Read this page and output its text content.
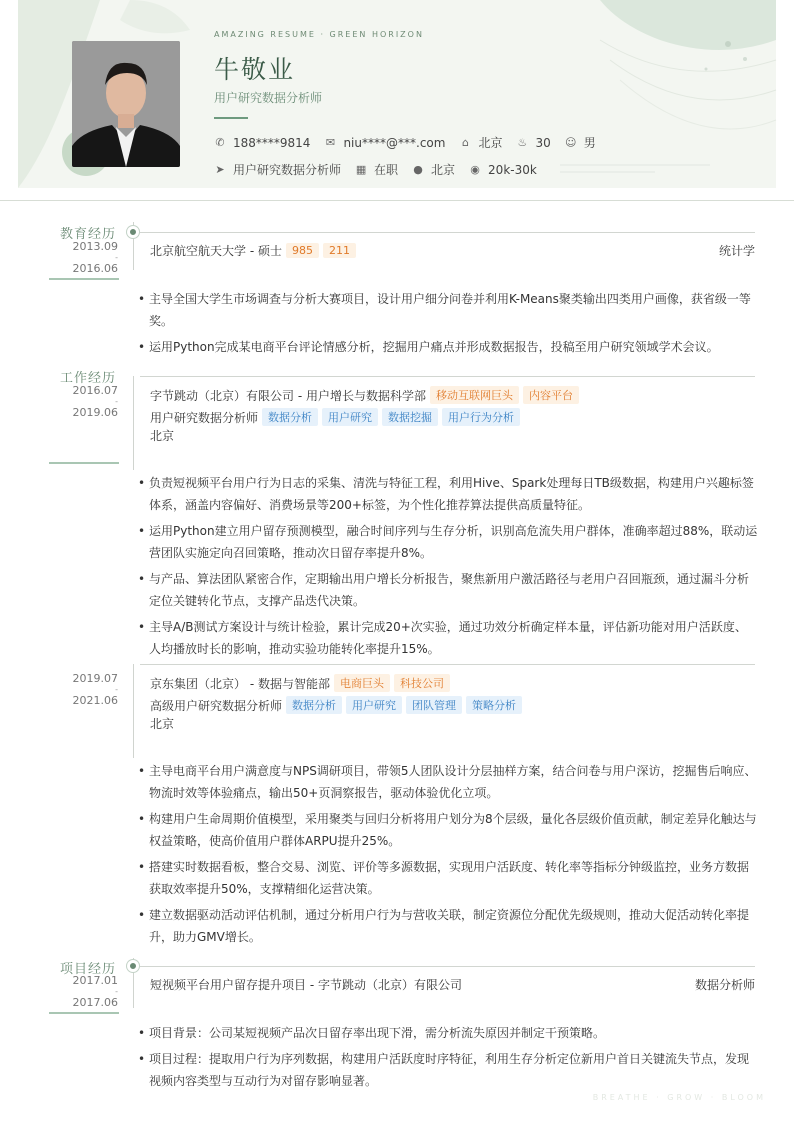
AMAZING RESUME · GREEN HORIZON
牛敬业
用户研究数据分析师
✆ 188****9814 ✉ niu****@***.com ⌂ 北京 ♨ 30 ☺ 男
➤ 用户研究数据分析师 ▦ 在职 ● 北京 ◉ 20k-30k
BREATHE · GROW · BLOOM
教育经历
2013.09
-
2016.06
北京航空航天大学 - 硕士 985	211	统计学
• 主导全国大学生市场调查与分析大赛项目，设计用户细分问卷并利用K-Means聚类输出四类用户画像，获省级一等奖。
• 运用Python完成某电商平台评论情感分析，挖掘用户痛点并形成数据报告，投稿至用户研究领域学术会议。
工作经历
2016.07
-
2019.06
字节跳动（北京）有限公司 - 用户增长与数据科学部 移动互联网巨头	内容平台
用户研究数据分析师 数据分析	用户研究	数据挖掘	用户行为分析
北京
• 负责短视频平台用户行为日志的采集、清洗与特征工程，利用Hive、Spark处理每日TB级数据，构建用户兴趣标签体系，涵盖内容偏好、消费场景等200+标签，为个性化推荐算法提供高质量特征。
• 运用Python建立用户留存预测模型，融合时间序列与生存分析，识别高危流失用户群体，准确率超过88%，联动运营团队实施定向召回策略，推动次日留存率提升8%。
• 与产品、算法团队紧密合作，定期输出用户增长分析报告，聚焦新用户激活路径与老用户召回瓶颈，通过漏斗分析定位关键转化节点，支撑产品迭代决策。
• 主导A/B测试方案设计与统计检验，累计完成20+次实验，通过功效分析确定样本量，评估新功能对用户活跃度、人均播放时长的影响，推动实验功能转化率提升15%。
2019.07
-
2021.06
京东集团（北京） - 数据与智能部 电商巨头	科技公司
高级用户研究数据分析师 数据分析	用户研究	团队管理	策略分析
北京
• 主导电商平台用户满意度与NPS调研项目，带领5人团队设计分层抽样方案，结合问卷与用户深访，挖掘售后响应、物流时效等体验痛点，输出50+页洞察报告，驱动体验优化立项。
• 构建用户生命周期价值模型，采用聚类与回归分析将用户划分为8个层级，量化各层级价值贡献，制定差异化触达与权益策略，使高价值用户群体ARPU提升25%。
• 搭建实时数据看板，整合交易、浏览、评价等多源数据，实现用户活跃度、转化率等指标分钟级监控，业务方数据获取效率提升50%，支撑精细化运营决策。
• 建立数据驱动活动评估机制，通过分析用户行为与营收关联，制定资源位分配优先级规则，推动大促活动转化率提升，助力GMV增长。
项目经历
2017.01
-
2017.06
短视频平台用户留存提升项目 - 字节跳动（北京）有限公司	数据分析师
• 项目背景：公司某短视频产品次日留存率出现下滑，需分析流失原因并制定干预策略。
• 项目过程：提取用户行为序列数据，构建用户活跃度时序特征，利用生存分析定位新用户首日关键流失节点，发现视频内容类型与互动行为对留存影响显著。
